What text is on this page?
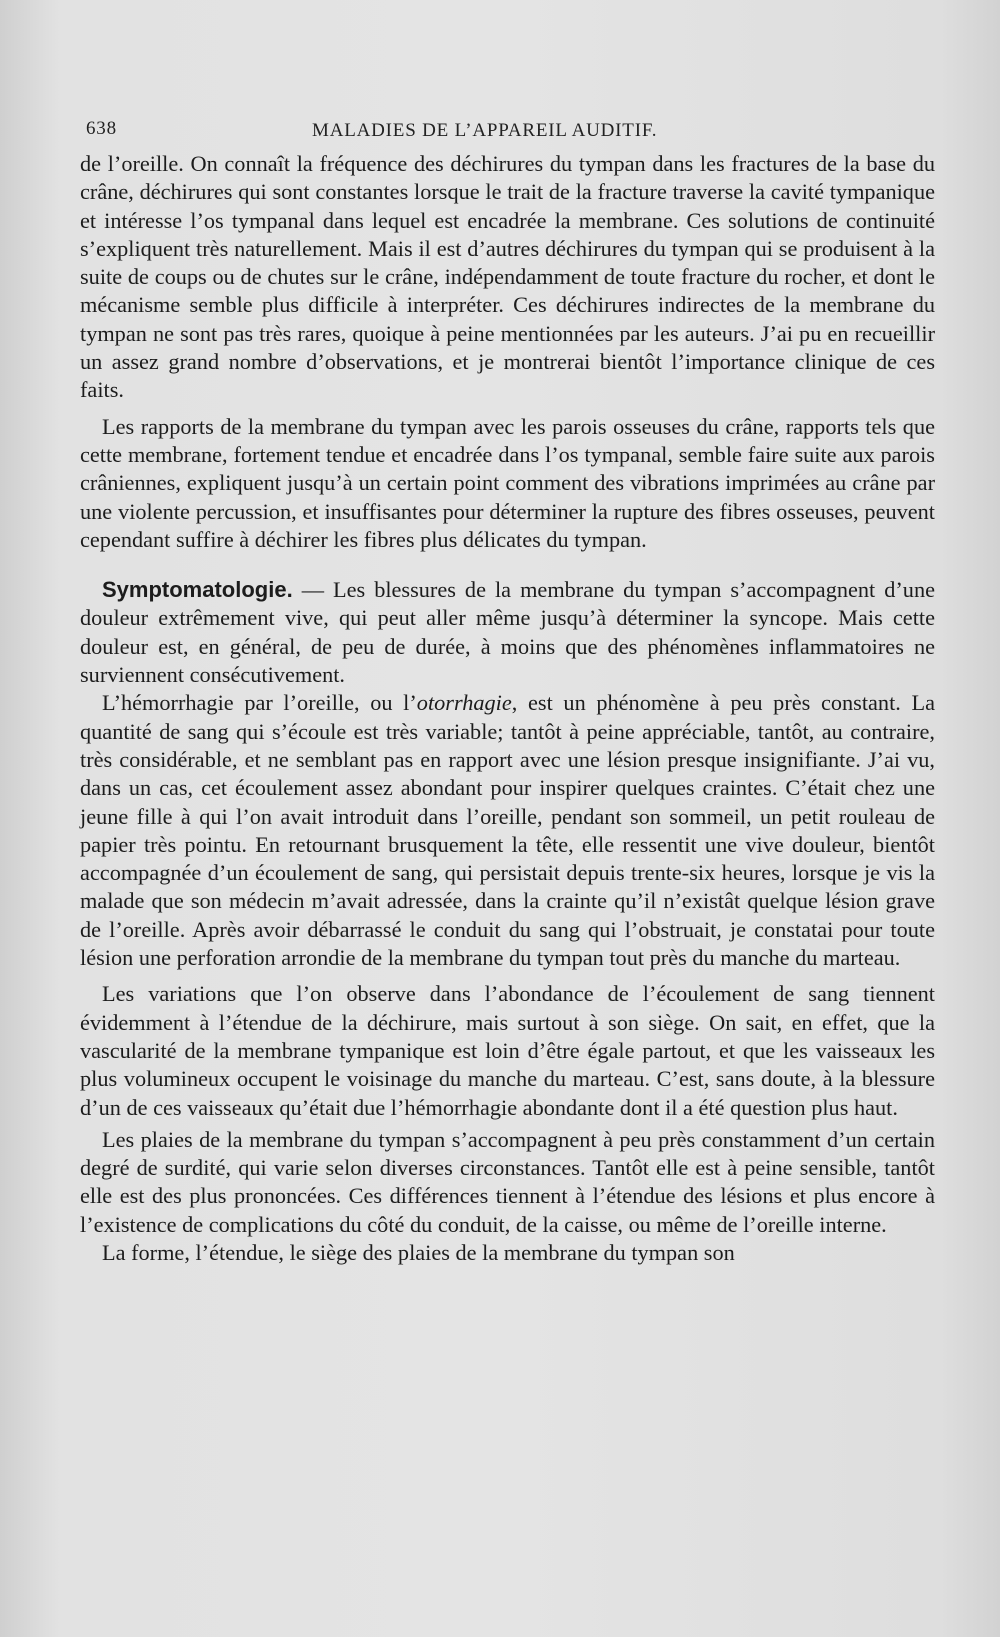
638	MALADIES DE L’APPAREIL AUDITIF.

de l’oreille. On connaît la fréquence des déchirures du tympan dans les fractures de la base du crâne, déchirures qui sont constantes lorsque le trait de la fracture traverse la cavité tympanique et intéresse l’os tympanal dans lequel est encadrée la membrane. Ces solutions de continuité s’expliquent très naturellement. Mais il est d’autres déchirures du tympan qui se produisent à la suite de coups ou de chutes sur le crâne, indépendamment de toute fracture du rocher, et dont le mécanisme semble plus difficile à interpréter. Ces déchirures indirectes de la membrane du tympan ne sont pas très rares, quoique à peine mentionnées par les auteurs. J’ai pu en recueillir un assez grand nombre d’observations, et je montrerai bientôt l’importance clinique de ces faits.

Les rapports de la membrane du tympan avec les parois osseuses du crâne, rapports tels que cette membrane, fortement tendue et encadrée dans l’os tympanal, semble faire suite aux parois crâniennes, expliquent jusqu’à un certain point comment des vibrations imprimées au crâne par une violente percussion, et insuffisantes pour déterminer la rupture des fibres osseuses, peuvent cependant suffire à déchirer les fibres plus délicates du tympan.

Symptomatologie. — Les blessures de la membrane du tympan s’accompagnent d’une douleur extrêmement vive, qui peut aller même jusqu’à déterminer la syncope. Mais cette douleur est, en général, de peu de durée, à moins que des phénomènes inflammatoires ne surviennent consécutivement.

L’hémorrhagie par l’oreille, ou l’otorrhagie, est un phénomène à peu près constant. La quantité de sang qui s’écoule est très variable; tantôt à peine appréciable, tantôt, au contraire, très considérable, et ne semblant pas en rapport avec une lésion presque insignifiante. J’ai vu, dans un cas, cet écoulement assez abondant pour inspirer quelques craintes. C’était chez une jeune fille à qui l’on avait introduit dans l’oreille, pendant son sommeil, un petit rouleau de papier très pointu. En retournant brusquement la tête, elle ressentit une vive douleur, bientôt accompagnée d’un écoulement de sang, qui persistait depuis trente-six heures, lorsque je vis la malade que son médecin m’avait adressée, dans la crainte qu’il n’existât quelque lésion grave de l’oreille. Après avoir débarrassé le conduit du sang qui l’obstruait, je constatai pour toute lésion une perforation arrondie de la membrane du tympan tout près du manche du marteau.

Les variations que l’on observe dans l’abondance de l’écoulement de sang tiennent évidemment à l’étendue de la déchirure, mais surtout à son siège. On sait, en effet, que la vascularité de la membrane tympanique est loin d’être égale partout, et que les vaisseaux les plus volumineux occupent le voisinage du manche du marteau. C’est, sans doute, à la blessure d’un de ces vaisseaux qu’était due l’hémorrhagie abondante dont il a été question plus haut.

Les plaies de la membrane du tympan s’accompagnent à peu près constamment d’un certain degré de surdité, qui varie selon diverses circonstances. Tantôt elle est à peine sensible, tantôt elle est des plus prononcées. Ces différences tiennent à l’étendue des lésions et plus encore à l’existence de complications du côté du conduit, de la caisse, ou même de l’oreille interne.

La forme, l’étendue, le siège des plaies de la membrane du tympan son
